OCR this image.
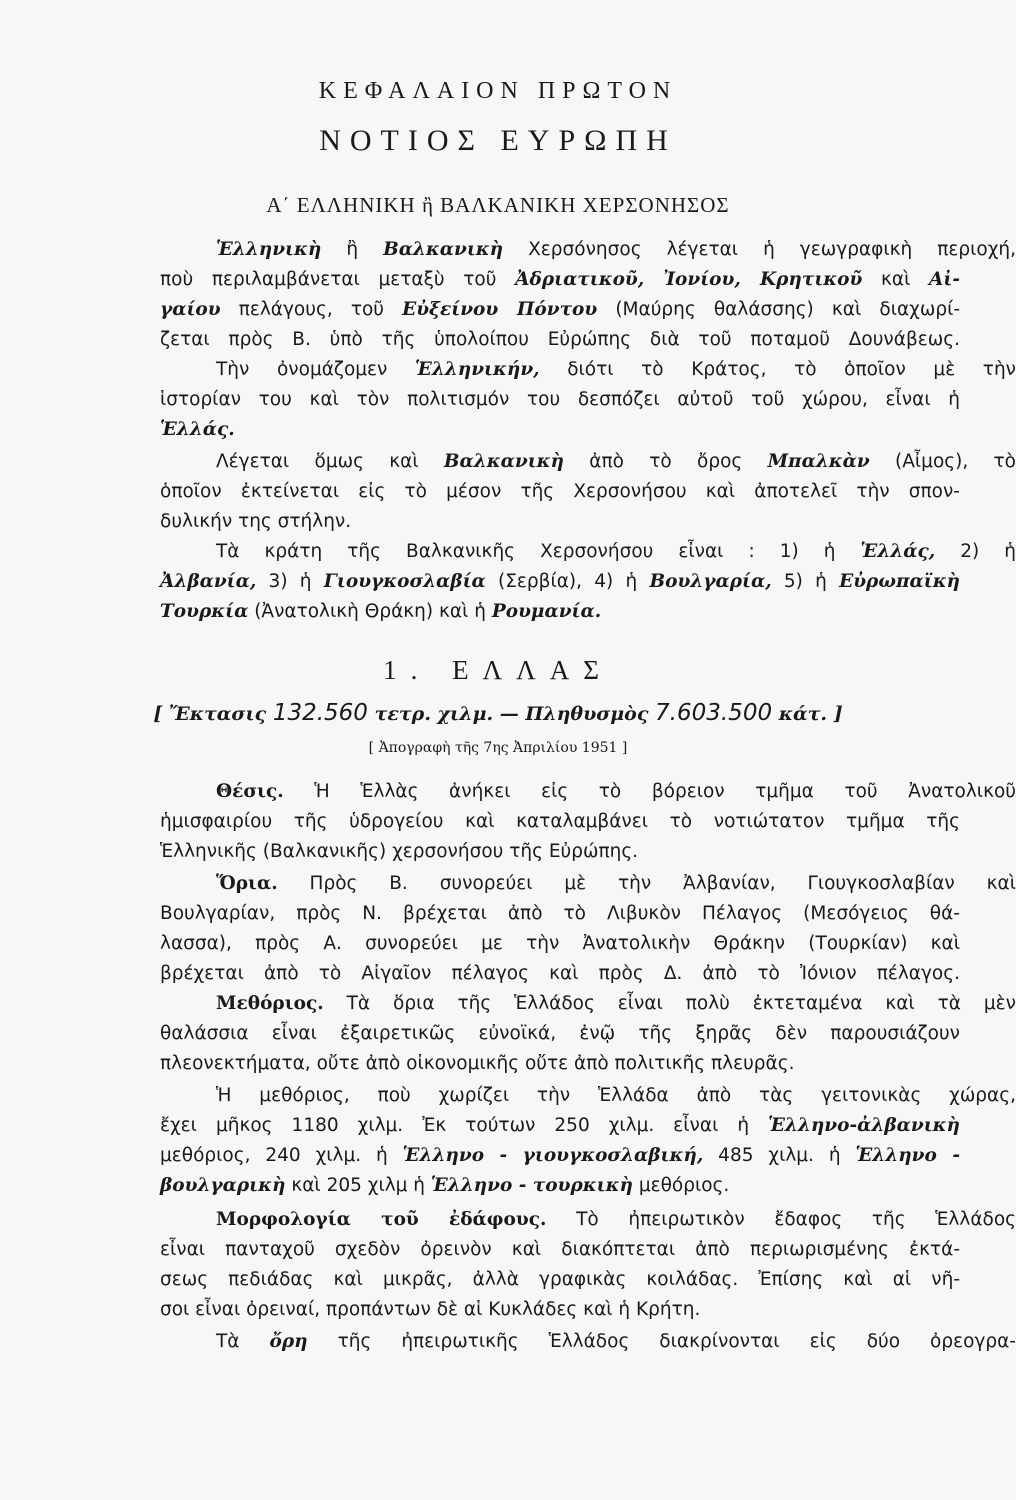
ΚΕΦΑΛΑΙΟΝ ΠΡΩΤΟΝ
ΝΟΤΙΟΣ ΕΥΡΩΠΗ
Α΄ ΕΛΛΗΝΙΚΗ ἢ ΒΑΛΚΑΝΙΚΗ ΧΕΡΣΟΝΗΣΟΣ
Ἑλληνικὴ ἢ Βαλκανικὴ Χερσόνησος λέγεται ἡ γεωγραφικὴ περιοχή,
ποὺ περιλαμβάνεται μεταξὺ τοῦ Ἀδριατικοῦ, Ἰονίου, Κρητικοῦ καὶ Αἰ-
γαίου πελάγους, τοῦ Εὐξείνου Πόντου (Μαύρης θαλάσσης) καὶ διαχωρί-
ζεται πρὸς Β. ὑπὸ τῆς ὑπολοίπου Εὐρώπης διὰ τοῦ ποταμοῦ Δουνάβεως.
Τὴν ὀνομάζομεν Ἑλληνικήν, διότι τὸ Κράτος, τὸ ὁποῖον μὲ τὴν
ἱστορίαν του καὶ τὸν πολιτισμόν του δεσπόζει αὐτοῦ τοῦ χώρου, εἶναι ἡ
Ἑλλάς.
Λέγεται ὅμως καὶ Βαλκανικὴ ἀπὸ τὸ ὄρος Μπαλκὰν (Αἶμος), τὸ
ὁποῖον ἐκτείνεται εἰς τὸ μέσον τῆς Χερσονήσου καὶ ἀποτελεῖ τὴν σπον-
δυλικήν της στήλην.
Τὰ κράτη τῆς Βαλκανικῆς Χερσονήσου εἶναι : 1) ἡ Ἑλλάς, 2) ἡ
Ἀλβανία, 3) ἡ Γιουγκοσλαβία (Σερβία), 4) ἡ Βουλγαρία, 5) ἡ Εὐρωπαϊκὴ
Τουρκία (Ἀνατολικὴ Θράκη) καὶ ἡ Ρουμανία.
1. ΕΛΛΑΣ
[ Ἔκτασις 132.560 τετρ. χιλμ. — Πληθυσμὸς 7.603.500 κάτ. ]
[ Ἀπογραφὴ τῆς 7ης Ἀπριλίου 1951 ]
Θέσις. Ἡ Ἑλλὰς ἀνήκει εἰς τὸ βόρειον τμῆμα τοῦ Ἀνατολικοῦ
ἡμισφαιρίου τῆς ὑδρογείου καὶ καταλαμβάνει τὸ νοτιώτατον τμῆμα τῆς
Ἑλληνικῆς (Βαλκανικῆς) χερσονήσου τῆς Εὐρώπης.
Ὅρια. Πρὸς Β. συνορεύει μὲ τὴν Ἀλβανίαν, Γιουγκοσλαβίαν καὶ
Βουλγαρίαν, πρὸς Ν. βρέχεται ἀπὸ τὸ Λιβυκὸν Πέλαγος (Μεσόγειος θά-
λασσα), πρὸς Α. συνορεύει με τὴν Ἀνατολικὴν Θράκην (Τουρκίαν) καὶ
βρέχεται ἀπὸ τὸ Αἰγαῖον πέλαγος καὶ πρὸς Δ. ἀπὸ τὸ Ἰόνιον πέλαγος.
Μεθόριος. Τὰ ὅρια τῆς Ἑλλάδος εἶναι πολὺ ἐκτεταμένα καὶ τὰ μὲν
θαλάσσια εἶναι ἐξαιρετικῶς εὐνοϊκά, ἐνῷ τῆς ξηρᾶς δὲν παρουσιάζουν
πλεονεκτήματα, οὔτε ἀπὸ οἰκονομικῆς οὔτε ἀπὸ πολιτικῆς πλευρᾶς.
Ἡ μεθόριος, ποὺ χωρίζει τὴν Ἑλλάδα ἀπὸ τὰς γειτονικὰς χώρας,
ἔχει μῆκος 1180 χιλμ. Ἐκ τούτων 250 χιλμ. εἶναι ἡ Ἑλληνο-ἀλβανικὴ
μεθόριος, 240 χιλμ. ἡ Ἑλληνο - γιουγκοσλαβική, 485 χιλμ. ἡ Ἑλληνο -
βουλγαρικὴ καὶ 205 χιλμ ἡ Ἑλληνο - τουρκικὴ μεθόριος.
Μορφολογία τοῦ ἐδάφους. Τὸ ἠπειρωτικὸν ἔδαφος τῆς Ἑλλάδος
εἶναι πανταχοῦ σχεδὸν ὀρεινὸν καὶ διακόπτεται ἀπὸ περιωρισμένης ἐκτά-
σεως πεδιάδας καὶ μικρᾶς, ἀλλὰ γραφικὰς κοιλάδας. Ἐπίσης καὶ αἱ νῆ-
σοι εἶναι ὀρειναί, προπάντων δὲ αἱ Κυκλάδες καὶ ἡ Κρήτη.
Τὰ ὄρη τῆς ἠπειρωτικῆς Ἑλλάδος διακρίνονται εἰς δύο ὀρεογρα-
